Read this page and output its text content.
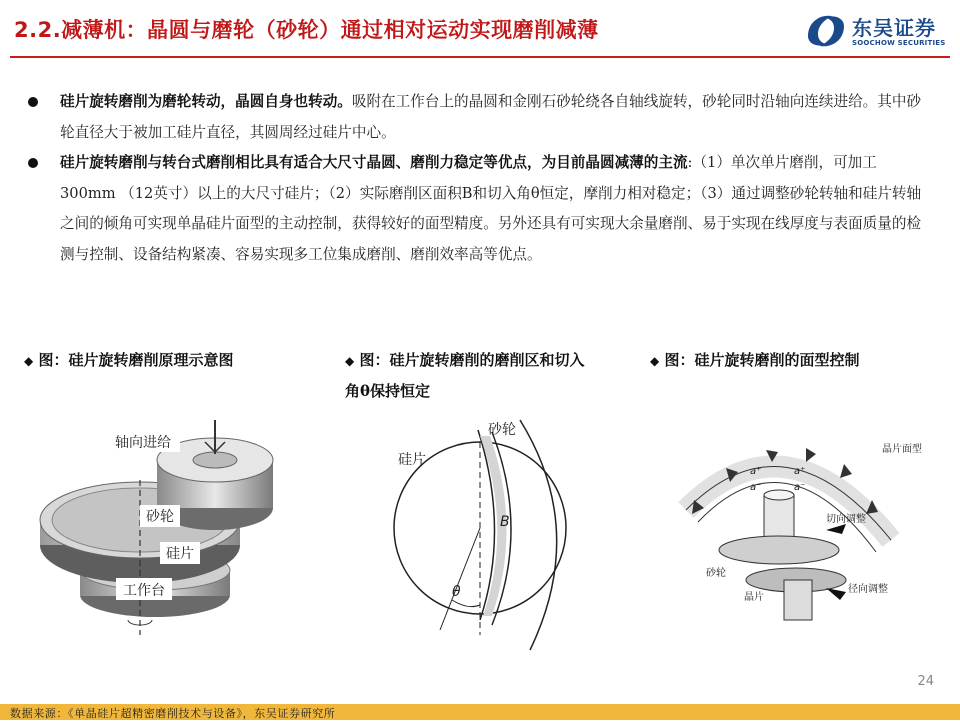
2.2.减薄机：晶圆与磨轮（砂轮）通过相对运动实现磨削减薄	东吴证券
SOOCHOW SECURITIES
硅片旋转磨削为磨轮转动，晶圆自身也转动。吸附在工作台上的晶圆和金刚石砂轮绕各自轴线旋转，砂轮同时沿轴向连续进给。其中砂轮直径大于被加工硅片直径，其圆周经过硅片中心。
硅片旋转磨削与转台式磨削相比具有适合大尺寸晶圆、磨削力稳定等优点，为目前晶圆减薄的主流:（1）单次单片磨削，可加工 300mm （12英寸）以上的大尺寸硅片；（2）实际磨削区面积B和切入角θ恒定，摩削力相对稳定；（3）通过调整砂轮转轴和硅片转轴之间的倾角可实现单晶硅片面型的主动控制，获得较好的面型精度。另外还具有可实现大余量磨削、易于实现在线厚度与表面质量的检测与控制、设备结构紧凑、容易实现多工位集成磨削、磨削效率高等优点。
◆ 图：硅片旋转磨削原理示意图	◆ 图：硅片旋转磨削的磨削区和切入角θ保持恒定
◆ 图：硅片旋转磨削的面型控制
轴向进给
砂轮
硅片
工作台
砂轮
硅片
B
θ
晶片面型
a⁺	a⁺
a⁻	a⁻
切向调整
径向调整
砂轮
晶片
24
数据来源：《单晶硅片超精密磨削技术与设备》，东吴证券研究所
